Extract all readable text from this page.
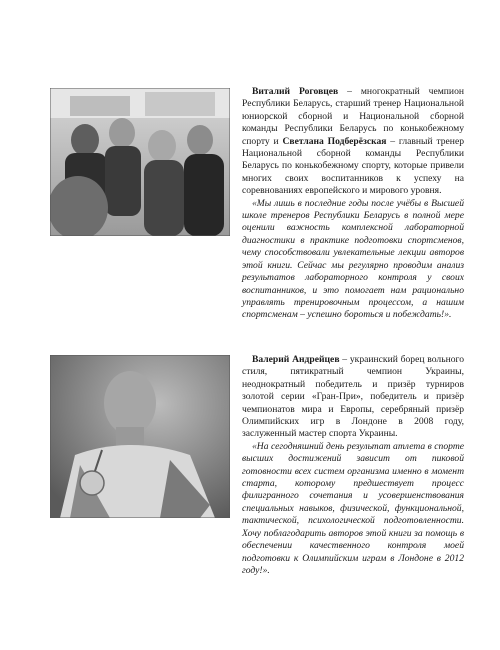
Виталий Роговцев – многократный чемпион Республики Беларусь, старший тренер Национальной юниорской сборной и Национальной сборной команды Республики Беларусь по конькобежному спорту и Светлана Подберёзская – главный тренер Национальной сборной команды Республики Беларусь по конькобежному спорту, которые привели многих своих воспитанников к успеху на соревнованиях европейского и мирового уровня.

«Мы лишь в последние годы после учёбы в Высшей школе тренеров Республики Беларусь в полной мере оценили важность комплексной лабораторной диагностики в практике подготовки спортсменов, чему способствовали увлекательные лекции авторов этой книги. Сейчас мы регулярно проводим анализ результатов лабораторного контроля у своих воспитанников, и это помогает нам рационально управлять тренировочным процессом, а нашим спортсменам – успешно бороться и побеждать!».

Валерий Андрейцев – украинский борец вольного стиля, пятикратный чемпион Украины, неоднократный победитель и призёр турниров золотой серии «Гран-При», победитель и призёр чемпионатов мира и Европы, серебряный призёр Олимпийских игр в Лондоне в 2008 году, заслуженный мастер спорта Украины.

«На сегодняшний день результат атлета в спорте высших достижений зависит от пиковой готовности всех систем организма именно в момент старта, которому предшествует процесс филигранного сочетания и усовершенствования специальных навыков, физической, функциональной, тактической, психологической подготовленности. Хочу поблагодарить авторов этой книги за помощь в обеспечении качественного контроля моей подготовки к Олимпийским играм в Лондоне в 2012 году!».
